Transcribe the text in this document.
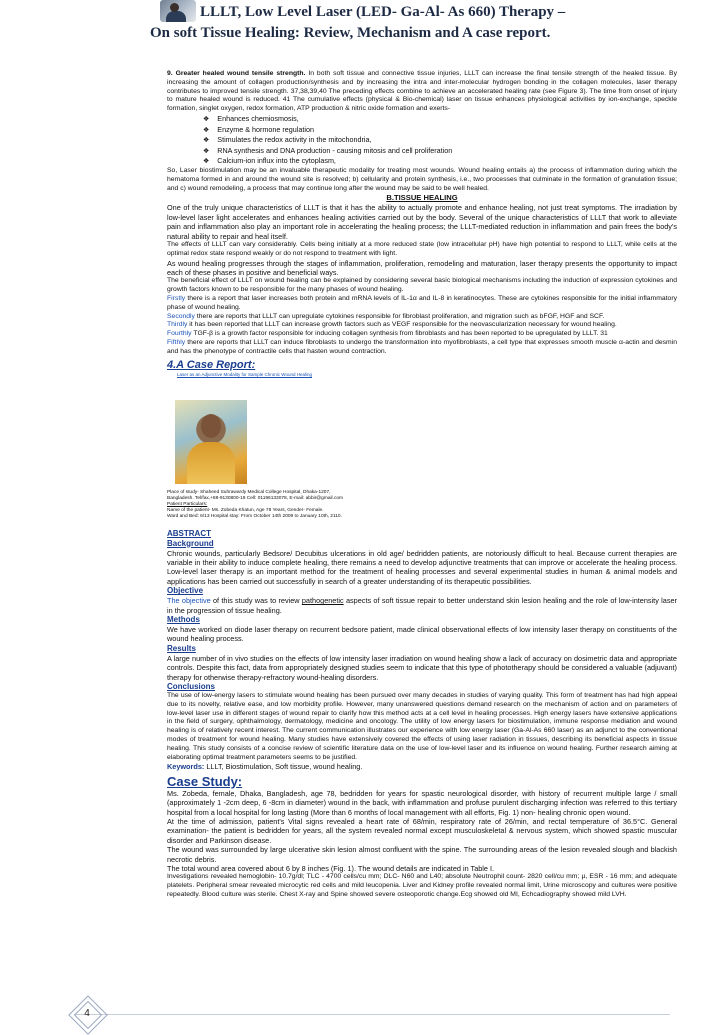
LLLT, Low Level Laser (LED- Ga-Al- As 660) Therapy –
On soft Tissue Healing: Review, Mechanism and A case report.

9. Greater healed wound tensile strength. In both soft tissue and connective tissue injuries, LLLT can increase the final tensile strength of the healed tissue. By increasing the amount of collagen production/synthesis and by increasing the intra and inter-molecular hydrogen bonding in the collagen molecules, laser therapy contributes to improved tensile strength. 37,38,39,40 The preceding effects combine to achieve an accelerated healing rate (see Figure 3). The time from onset of injury to mature healed wound is reduced. 41 The cumulative effects (physical & Bio-chemical) laser on tissue enhances physiological activities by ion-exchange, speckle formation, singlet oxygen, redox formation, ATP production & nitric oxide formation and exerts-

❖ Enhances chemiosmosis,
❖ Enzyme & hormone regulation
❖ Stimulates the redox activity in the mitochondria,
❖ RNA synthesis and DNA production - causing mitosis and cell proliferation
❖ Calcium-ion influx into the cytoplasm,

So, Laser biostimulation may be an invaluable therapeutic modality for treating most wounds. Wound healing entails a) the process of inflammation during which the hematoma formed in and around the wound site is resolved; b) cellularity and protein synthesis, i.e., two processes that culminate in the formation of granulation tissue; and c) wound remodeling, a process that may continue long after the wound may be said to be well healed.

B.TISSUE HEALING

One of the truly unique characteristics of LLLT is that it has the ability to actually promote and enhance healing, not just treat symptoms. The irradiation by low-level laser light accelerates and enhances healing activities carried out by the body. Several of the unique characteristics of LLLT that work to alleviate pain and inflammation also play an important role in accelerating the healing process; the LLLT-mediated reduction in inflammation and pain frees the body's natural ability to repair and heal itself.

The effects of LLLT can vary considerably. Cells being initially at a more reduced state (low intracellular pH) have high potential to respond to LLLT, while cells at the optimal redox state respond weakly or do not respond to treatment with light.

As wound healing progresses through the stages of inflammation, proliferation, remodeling and maturation, laser therapy presents the opportunity to impact each of these phases in positive and beneficial ways.

The beneficial effect of LLLT on wound healing can be explained by considering several basic biological mechanisms including the induction of expression cytokines and growth factors known to be responsible for the many phases of wound healing.

Firstly there is a report that laser increases both protein and mRNA levels of IL-1α and IL-8 in keratinocytes. These are cytokines responsible for the initial inflammatory phase of wound healing.

Secondly there are reports that LLLT can upregulate cytokines responsible for fibroblast proliferation, and migration such as bFGF, HGF and SCF.

Thirdly it has been reported that LLLT can increase growth factors such as VEGF responsible for the neovascularization necessary for wound healing.

Fourthly TGF-β is a growth factor responsible for inducing collagen synthesis from fibroblasts and has been reported to be upregulated by LLLT. 31

Fifthly there are reports that LLLT can induce fibroblasts to undergo the transformation into myofibroblasts, a cell type that expresses smooth muscle α-actin and desmin and has the phenotype of contractile cells that hasten wound contraction.

4.A Case Report:
Laser as an Adjunctive Modality for Sample Chronic Wound Healing
Place of study- Shaheed Suhrawardy Medical College Hospital, Dhaka-1207,
Bangladesh. Tel/fax,+88-9130800-19 Cell: 01196133078, E-mail: abbir@gmail.com
Patient Particulars:
Name of the patient- Ms. Zobeda Khatun, Age 78 Years, Gender- Female.
Ward and Bed: 6/13 Hospital stay: From October 14th 2009 to January 10th, 2110.
ABSTRACT
Background

Chronic wounds, particularly Bedsore/ Decubitus ulcerations in old age/ bedridden patients, are notoriously difficult to heal. Because current therapies are variable in their ability to induce complete healing, there remains a need to develop adjunctive treatments that can improve or accelerate the healing process. Low-level laser therapy is an important method for the treatment of healing processes and several experimental studies in human & animal models and applications has been carried out successfully in search of a greater understanding of its therapeutic possibilities.

Objective

The objective of this study was to review pathogenetic aspects of soft tissue repair to better understand skin lesion healing and the role of low-intensity laser in the progression of tissue healing.

Methods

We have worked on diode laser therapy on recurrent bedsore patient, made clinical observational effects of low intensity laser therapy on constituents of the wound healing process.

Results

A large number of in vivo studies on the effects of low intensity laser irradiation on wound healing show a lack of accuracy on dosimetric data and appropriate controls. Despite this fact, data from appropriately designed studies seem to indicate that this type of phototherapy should be considered a valuable (adjuvant) therapy for otherwise therapy-refractory wound-healing disorders.

Conclusions

The use of low-energy lasers to stimulate wound healing has been pursued over many decades in studies of varying quality. This form of treatment has had high appeal due to its novelty, relative ease, and low morbidity profile. However, many unanswered questions demand research on the mechanism of action and on parameters of low-level laser use in different stages of wound repair to clarify how this method acts at a cell level in healing processes. High energy lasers have extensive applications in the field of surgery, ophthalmology, dermatology, medicine and oncology. The utility of low energy lasers for biostimulation, immune response mediation and wound healing is of relatively recent interest. The current communication illustrates our experience with low energy laser (Ga-Al-As 660 laser) as an adjunct to the conventional modes of treatment for wound healing. Many studies have extensively covered the effects of using laser radiation in tissues, describing its beneficial aspects in tissue healing. This study consists of a concise review of scientific literature data on the use of low-level laser and its influence on wound healing. Further research aiming at elaborating optimal treatment parameters seems to be justified.

Keywords: LLLT, Biostimulation, Soft tissue, wound healing.

Case Study:

Ms. Zobeda, female, Dhaka, Bangladesh, age 78, bedridden for years for spastic neurological disorder, with history of recurrent multiple large / small (approximately 1 -2cm deep, 6 -8cm in diameter) wound in the back, with inflammation and profuse purulent discharging infection was referred to this tertiary hospital from a local hospital for long lasting (More than 6 months of local management with all efforts, Fig. 1) non- healing chronic open wound.

At the time of admission, patient's Vital signs revealed a heart rate of 68/min, respiratory rate of 26/min, and rectal temperature of 36.5°C. General examination- the patient is bedridden for years, all the system revealed normal except musculoskeletal & nervous system, which showed spastic muscular disorder and Parkinson disease.

The wound was surrounded by large ulcerative skin lesion almost confluent with the spine. The surrounding areas of the lesion revealed slough and blackish necrotic debris.

The total wound area covered about 6 by 8 inches (Fig. 1). The wound details are indicated in Table I.

Investigations revealed hemoglobin- 10.7g/dl; TLC - 4700 cells/cu mm; DLC- N60 and L40; absolute Neutrophil count- 2820 cell/cu mm; µ, ESR - 16 mm; and adequate platelets. Peripheral smear revealed microcytic red cells and mild leucopenia. Liver and Kidney profile revealed normal limit, Urine microscopy and cultures were positive repeatedly. Blood culture was sterile. Chest X-ray and Spine showed severe osteoporotic change.Ecg showed old MI, Echcadiography showed mild LVH.

4
